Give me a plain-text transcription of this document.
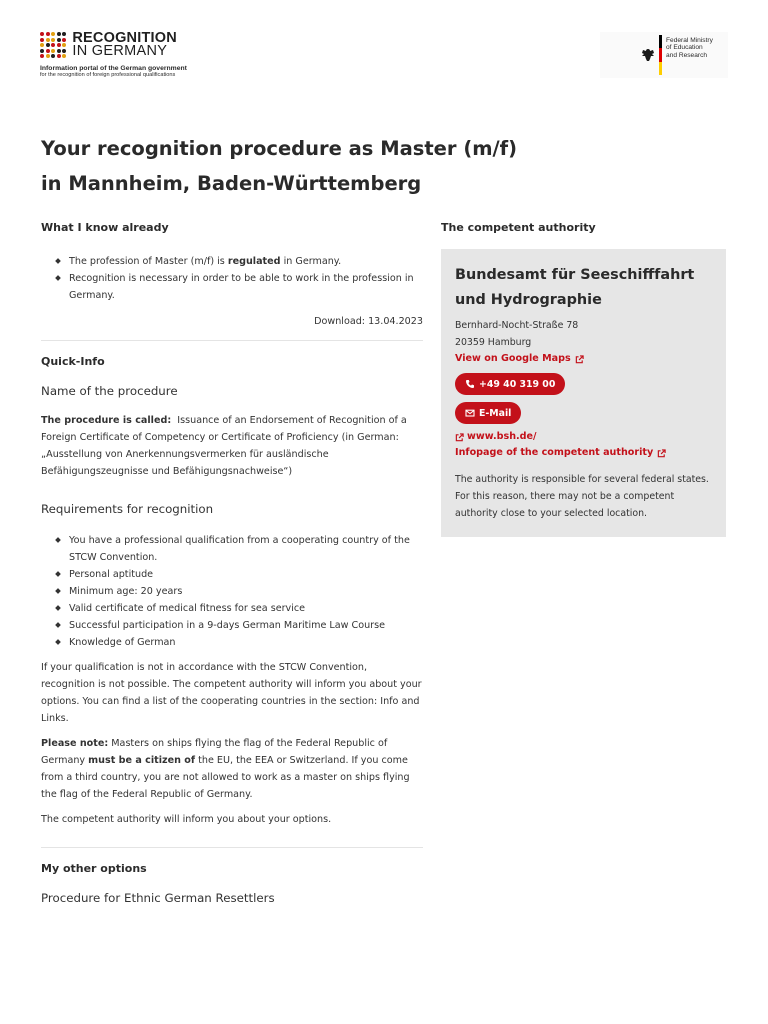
RECOGNITION
IN GERMANY
Information portal of the German government
for the recognition of foreign professional qualifications
Federal Ministry
of Education
and Research
Your recognition procedure as Master (m/f)
in Mannheim, Baden-Württemberg
What I know already
The profession of Master (m/f) is regulated in Germany.
Recognition is necessary in order to be able to work in the profession in Germany.
Download: 13.04.2023
Quick-Info
Name of the procedure
The procedure is called: Issuance of an Endorsement of Recognition of a Foreign Certificate of Competency or Certificate of Proficiency (in German: „Ausstellung von Anerkennungsvermerken für ausländische Befähigungszeugnisse und Befähigungsnachweise“)
Requirements for recognition
You have a professional qualification from a cooperating country of the STCW Convention.
Personal aptitude
Minimum age: 20 years
Valid certificate of medical fitness for sea service
Successful participation in a 9-days German Maritime Law Course
Knowledge of German
If your qualification is not in accordance with the STCW Convention, recognition is not possible. The competent authority will inform you about your options. You can find a list of the cooperating countries in the section: Info and Links.
Please note: Masters on ships flying the flag of the Federal Republic of Germany must be a citizen of the EU, the EEA or Switzerland. If you come from a third country, you are not allowed to work as a master on ships flying the flag of the Federal Republic of Germany.
The competent authority will inform you about your options.
My other options
Procedure for Ethnic German Resettlers
The competent authority
Bundesamt für Seeschifffahrt und Hydrographie
Bernhard-Nocht-Straße 78
20359 Hamburg
View on Google Maps
+49 40 319 00
E-Mail
www.bsh.de/
Infopage of the competent authority
The authority is responsible for several federal states. For this reason, there may not be a competent authority close to your selected location.
